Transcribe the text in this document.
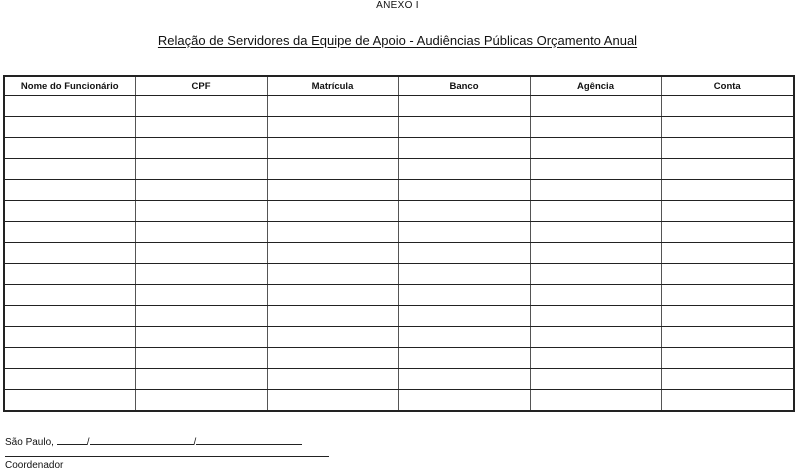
ANEXO I
Relação de Servidores da Equipe de Apoio - Audiências Públicas Orçamento Anual
Nome do Funcionário	CPF	Matrícula	Banco	Agência	Conta

São Paulo,	/	/
Coordenador
